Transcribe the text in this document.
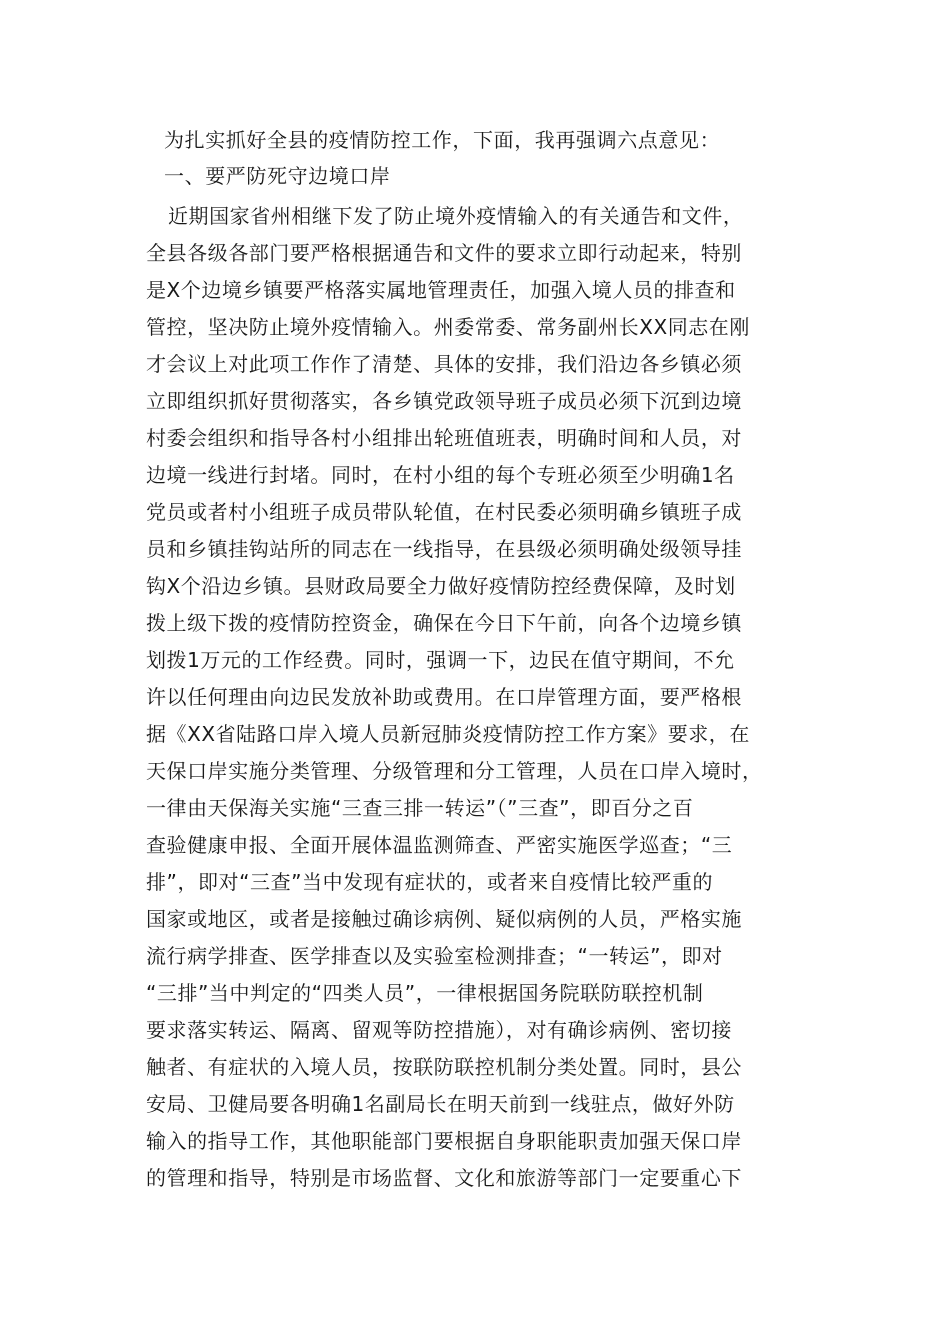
为扎实抓好全县的疫情防控工作，下面，我再强调六点意见：

一、要严防死守边境口岸

近期国家省州相继下发了防止境外疫情输入的有关通告和文件，
全县各级各部门要严格根据通告和文件的要求立即行动起来，特别
是X个边境乡镇要严格落实属地管理责任，加强入境人员的排查和
管控，坚决防止境外疫情输入。州委常委、常务副州长XX同志在刚
才会议上对此项工作作了清楚、具体的安排，我们沿边各乡镇必须
立即组织抓好贯彻落实，各乡镇党政领导班子成员必须下沉到边境
村委会组织和指导各村小组排出轮班值班表，明确时间和人员，对
边境一线进行封堵。同时，在村小组的每个专班必须至少明确1名
党员或者村小组班子成员带队轮值，在村民委必须明确乡镇班子成
员和乡镇挂钩站所的同志在一线指导，在县级必须明确处级领导挂
钩X个沿边乡镇。县财政局要全力做好疫情防控经费保障，及时划
拨上级下拨的疫情防控资金，确保在今日下午前，向各个边境乡镇
划拨1万元的工作经费。同时，强调一下，边民在值守期间，不允
许以任何理由向边民发放补助或费用。在口岸管理方面，要严格根
据《XX省陆路口岸入境人员新冠肺炎疫情防控工作方案》要求，在
天保口岸实施分类管理、分级管理和分工管理，人员在口岸入境时，
一律由天保海关实施“三查三排一转运”（”三查”，即百分之百
查验健康申报、全面开展体温监测筛查、严密实施医学巡查；“三
排”，即对“三查”当中发现有症状的，或者来自疫情比较严重的
国家或地区，或者是接触过确诊病例、疑似病例的人员，严格实施
流行病学排查、医学排查以及实验室检测排查；“一转运”，即对
“三排”当中判定的“四类人员”，一律根据国务院联防联控机制
要求落实转运、隔离、留观等防控措施），对有确诊病例、密切接
触者、有症状的入境人员，按联防联控机制分类处置。同时，县公
安局、卫健局要各明确1名副局长在明天前到一线驻点，做好外防
输入的指导工作，其他职能部门要根据自身职能职责加强天保口岸
的管理和指导，特别是市场监督、文化和旅游等部门一定要重心下
